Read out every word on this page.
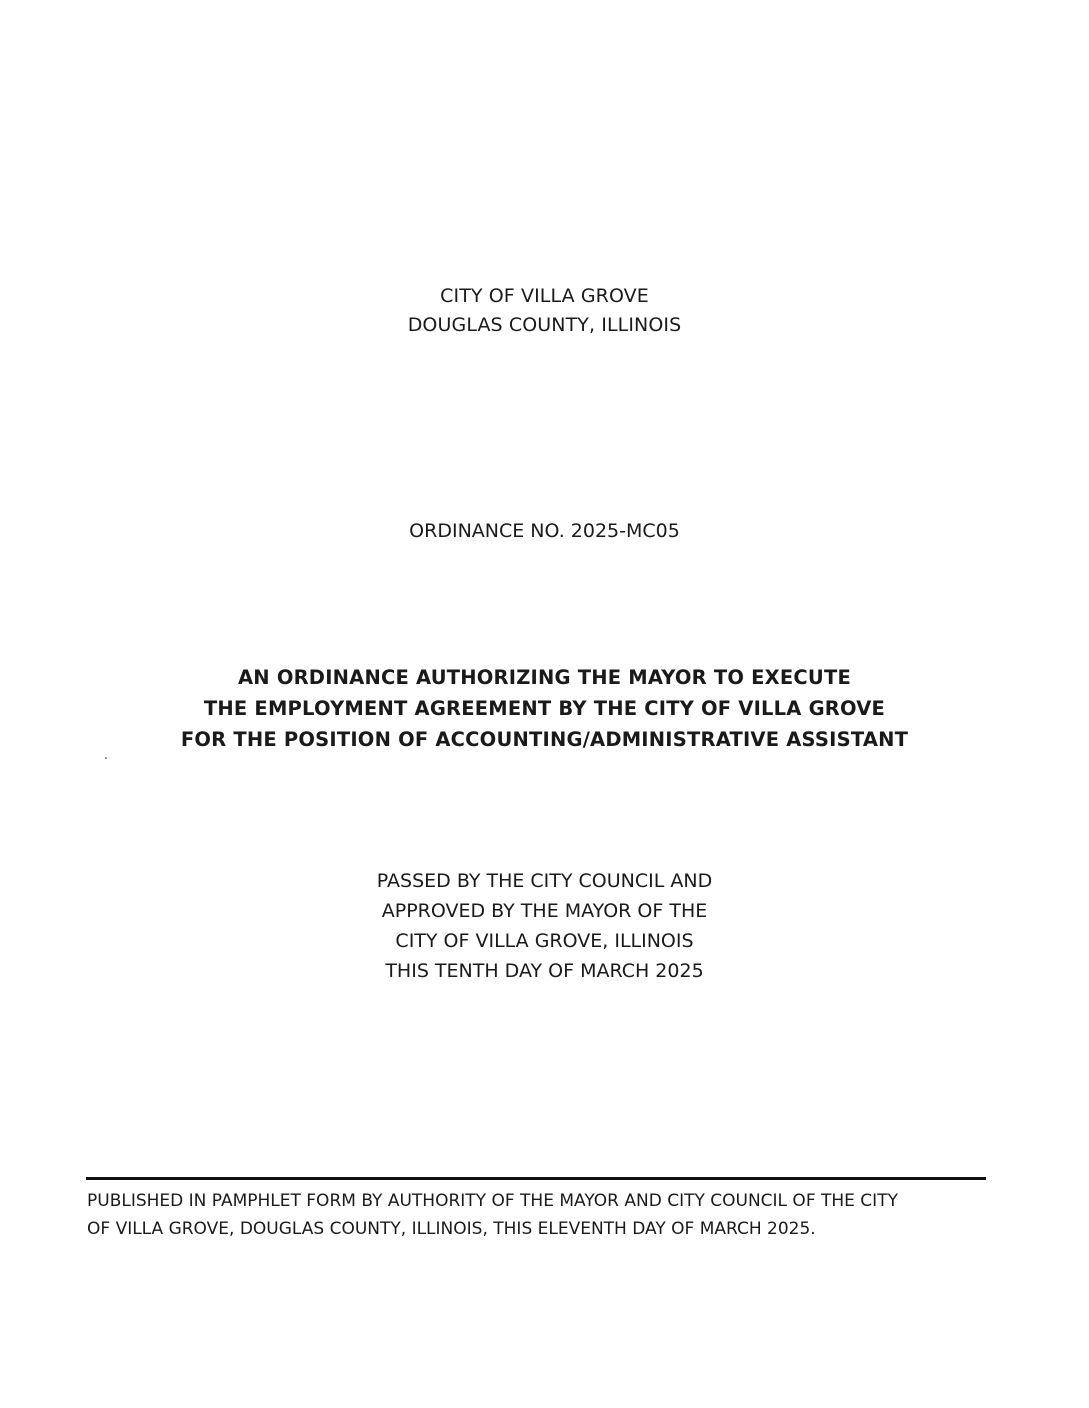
CITY OF VILLA GROVE
DOUGLAS COUNTY, ILLINOIS
ORDINANCE NO. 2025-MC05
AN ORDINANCE AUTHORIZING THE MAYOR TO EXECUTE
THE EMPLOYMENT AGREEMENT BY THE CITY OF VILLA GROVE
FOR THE POSITION OF ACCOUNTING/ADMINISTRATIVE ASSISTANT
PASSED BY THE CITY COUNCIL AND
APPROVED BY THE MAYOR OF THE
CITY OF VILLA GROVE, ILLINOIS
THIS TENTH DAY OF MARCH 2025
PUBLISHED IN PAMPHLET FORM BY AUTHORITY OF THE MAYOR AND CITY COUNCIL OF THE CITY
OF VILLA GROVE, DOUGLAS COUNTY, ILLINOIS, THIS ELEVENTH DAY OF MARCH 2025.
